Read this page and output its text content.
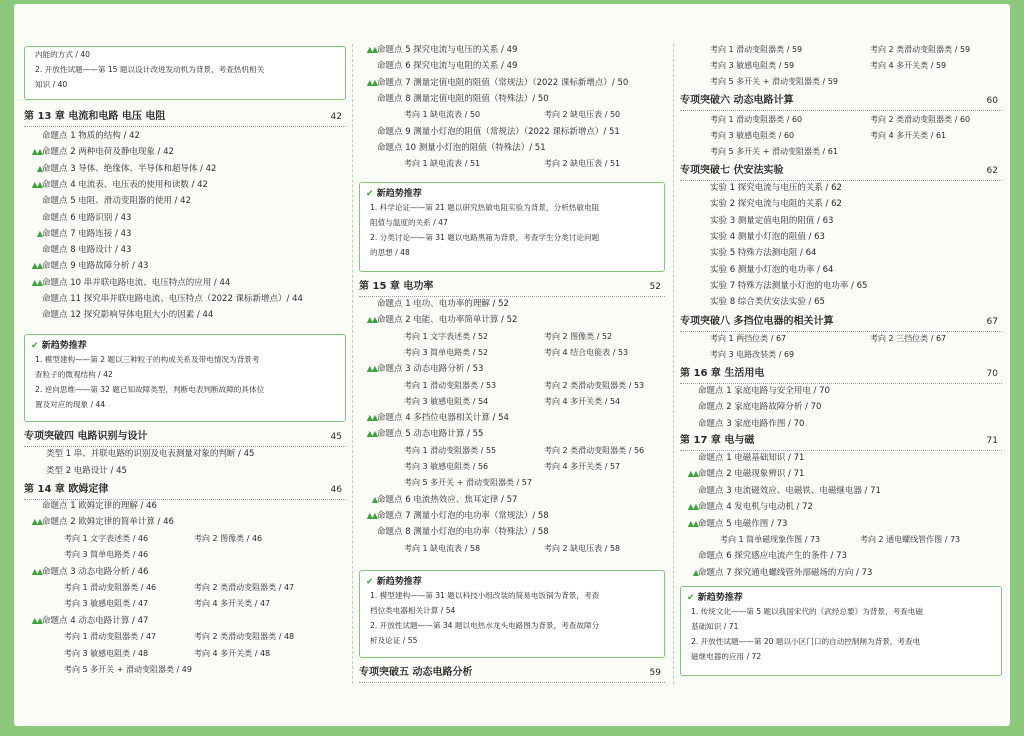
内能的方式 / 40
2. 开放性试题——第 15 题以设计改进发动机为背景，考查热机相关
知识 / 40
第 13 章 电流和电路 电压 电阻	42
命题点 1 物质的结构 / 42
▲▲命题点 2 两种电荷及静电现象 / 42
▲命题点 3 导体、绝缘体、半导体和超导体 / 42
▲▲命题点 4 电流表、电压表的使用和读数 / 42
命题点 5 电阻、滑动变阻器的使用 / 42
命题点 6 电路识别 / 43
▲命题点 7 电路连接 / 43
命题点 8 电路设计 / 43
▲▲命题点 9 电路故障分析 / 43
▲▲命题点 10 串并联电路电流、电压特点的应用 / 44
命题点 11 探究串并联电路电流、电压特点（2022 课标新增点）/ 44
命题点 12 探究影响导体电阻大小的因素 / 44
✔ 新趋势推荐
1. 模型建构——第 2 题以三种粒子的构成关系及带电情况为背景考
查粒子的微观结构 / 42
2. 逆向思维——第 32 题已知故障类型，判断电表判断故障的具体位
置及对应的现象 / 44
专项突破四 电路识别与设计	45
类型 1 串、并联电路的识别及电表测量对象的判断 / 45
类型 2 电路设计 / 45
第 14 章 欧姆定律	46
命题点 1 欧姆定律的理解 / 46
▲▲命题点 2 欧姆定律的简单计算 / 46
考向 1 文字表述类 / 46	考向 2 图像类 / 46
考向 3 简单电路类 / 46
▲▲命题点 3 动态电路分析 / 46
考向 1 滑动变阻器类 / 46	考向 2 类滑动变阻器类 / 47
考向 3 敏感电阻类 / 47	考向 4 多开关类 / 47
▲▲命题点 4 动态电路计算 / 47
考向 1 滑动变阻器类 / 47	考向 2 类滑动变阻器类 / 48
考向 3 敏感电阻类 / 48	考向 4 多开关类 / 48
考向 5 多开关 + 滑动变阻器类 / 49
▲▲命题点 5 探究电流与电压的关系 / 49
命题点 6 探究电流与电阻的关系 / 49
▲▲命题点 7 测量定值电阻的阻值（常规法）（2022 课标新增点）/ 50
命题点 8 测量定值电阻的阻值（特殊法）/ 50
考向 1 缺电流表 / 50	考向 2 缺电压表 / 50
命题点 9 测量小灯泡的阻值（常规法）（2022 课标新增点）/ 51
命题点 10 测量小灯泡的阻值（特殊法）/ 51
考向 1 缺电流表 / 51	考向 2 缺电压表 / 51
✔ 新趋势推荐
1. 科学论证——第 21 题以研究热敏电阻实验为背景，分析热敏电阻
阻值与温度的关系 / 47
2. 分类讨论——第 31 题以电路黑箱为背景，考查学生分类讨论问题
的思想 / 48
第 15 章 电功率	52
命题点 1 电功、电功率的理解 / 52
▲▲命题点 2 电能、电功率简单计算 / 52
考向 1 文字表述类 / 52	考向 2 图像类 / 52
考向 3 简单电路类 / 52	考向 4 结合电能表 / 53
▲▲命题点 3 动态电路分析 / 53
考向 1 滑动变阻器类 / 53	考向 2 类滑动变阻器类 / 53
考向 3 敏感电阻类 / 54	考向 4 多开关类 / 54
▲▲命题点 4 多挡位电器相关计算 / 54
▲▲命题点 5 动态电路计算 / 55
考向 1 滑动变阻器类 / 55	考向 2 类滑动变阻器类 / 56
考向 3 敏感电阻类 / 56	考向 4 多开关类 / 57
考向 5 多开关 + 滑动变阻器类 / 57
▲命题点 6 电流热效应、焦耳定律 / 57
▲▲命题点 7 测量小灯泡的电功率（常规法）/ 58
命题点 8 测量小灯泡的电功率（特殊法）/ 58
考向 1 缺电流表 / 58	考向 2 缺电压表 / 58
✔ 新趋势推荐
1. 模型建构——第 31 题以科技小组改装的简易电饭锅为背景，考查
档位类电器相关计算 / 54
2. 开放性试题——第 34 题以电热水龙头电路图为背景，考查故障分
析及论证 / 55
专项突破五 动态电路分析	59
考向 1 滑动变阻器类 / 59	考向 2 类滑动变阻器类 / 59
考向 3 敏感电阻类 / 59	考向 4 多开关类 / 59
考向 5 多开关 + 滑动变阻器类 / 59
专项突破六 动态电路计算	60
考向 1 滑动变阻器类 / 60	考向 2 类滑动变阻器类 / 60
考向 3 敏感电阻类 / 60	考向 4 多开关类 / 61
考向 5 多开关 + 滑动变阻器类 / 61
专项突破七 伏安法实验	62
实验 1 探究电流与电压的关系 / 62
实验 2 探究电流与电阻的关系 / 62
实验 3 测量定值电阻的阻值 / 63
实验 4 测量小灯泡的阻值 / 63
实验 5 特殊方法测电阻 / 64
实验 6 测量小灯泡的电功率 / 64
实验 7 特殊方法测量小灯泡的电功率 / 65
实验 8 综合类伏安法实验 / 65
专项突破八 多挡位电器的相关计算	67
考向 1 两挡位类 / 67	考向 2 三挡位类 / 67
考向 3 电路改装类 / 69
第 16 章 生活用电	70
命题点 1 家庭电路与安全用电 / 70
命题点 2 家庭电路故障分析 / 70
命题点 3 家庭电路作图 / 70
第 17 章 电与磁	71
命题点 1 电磁基础知识 / 71
▲▲命题点 2 电磁现象辨识 / 71
命题点 3 电流磁效应、电磁铁、电磁继电器 / 71
▲▲命题点 4 发电机与电动机 / 72
▲▲命题点 5 电磁作图 / 73
考向 1 简单磁现象作图 / 73	考向 2 通电螺线管作图 / 73
命题点 6 探究感应电流产生的条件 / 73
▲命题点 7 探究通电螺线管外部磁场的方向 / 73
✔ 新趋势推荐
1. 传统文化——第 5 题以我国宋代的《武经总要》为背景，考查电磁
基础知识 / 71
2. 开放性试题——第 20 题以小区门口的自动控制闸为背景，考查电
磁继电器的应用 / 72
